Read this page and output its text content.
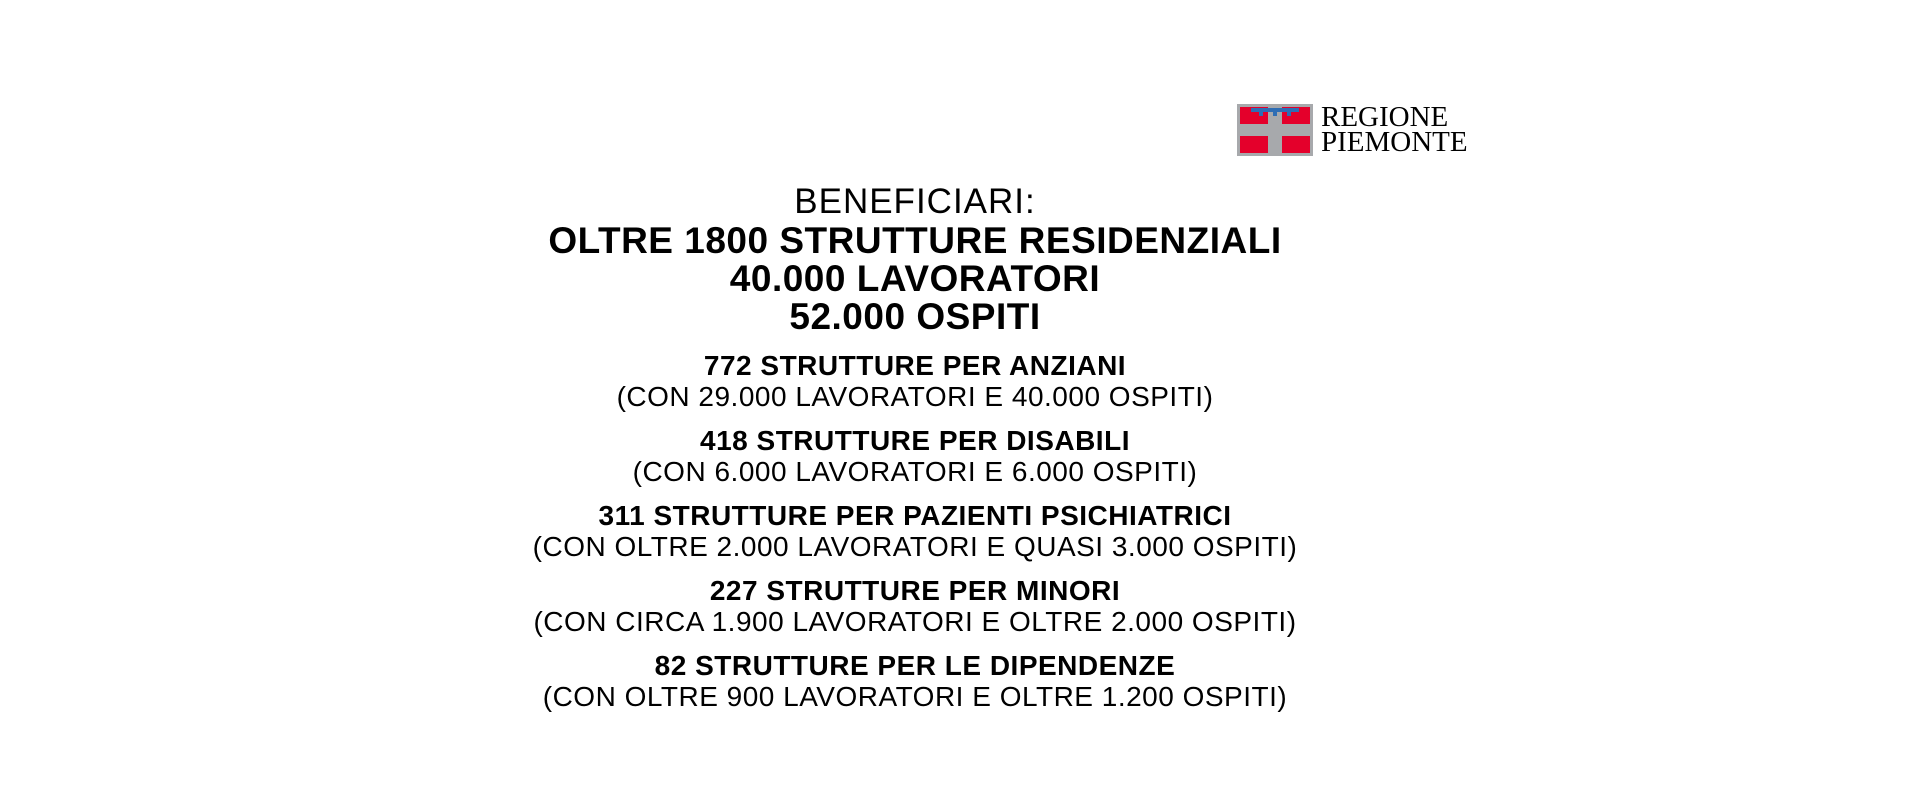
REGIONE
PIEMONTE
BENEFICIARI:
OLTRE 1800 STRUTTURE RESIDENZIALI
40.000 LAVORATORI
52.000 OSPITI
772 STRUTTURE PER ANZIANI
(CON 29.000 LAVORATORI E 40.000 OSPITI)
418 STRUTTURE PER DISABILI
(CON 6.000 LAVORATORI E 6.000 OSPITI)
311 STRUTTURE PER PAZIENTI PSICHIATRICI
(CON OLTRE 2.000 LAVORATORI E QUASI 3.000 OSPITI)
227 STRUTTURE PER MINORI
(CON CIRCA 1.900 LAVORATORI E OLTRE 2.000 OSPITI)
82 STRUTTURE PER LE DIPENDENZE
(CON OLTRE 900 LAVORATORI E OLTRE 1.200 OSPITI)
